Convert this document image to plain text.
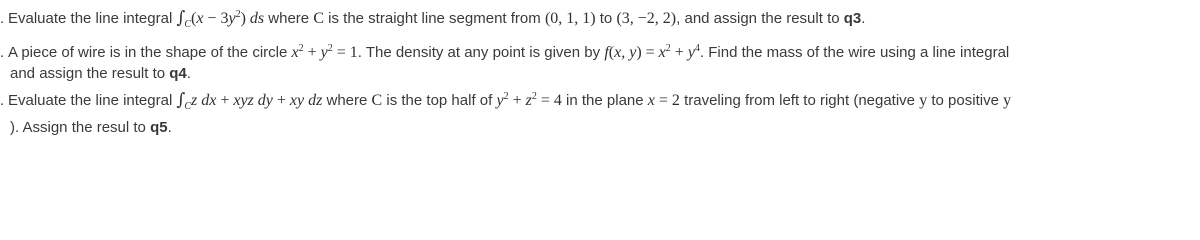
. Evaluate the line integral $\int_C(x - 3y^2)$ ds where C is the straight line segment from (0, 1, 1) to (3, −2, 2), and assign the result to q3.
. A piece of wire is in the shape of the circle $x^2 + y^2 = 1$. The density at any point is given by f(x, $y) = x^2 + y^4$. Find the mass of the wire using a line integral
and assign the result to q4.
. Evaluate the line integral $\int_Cz$ dx + xyz dy + xy dz where C is the top half of $y^2 + z^2 = 4$ in the plane x = 2 traveling from left to right (negative y to positive y
). Assign the resul to q5.
